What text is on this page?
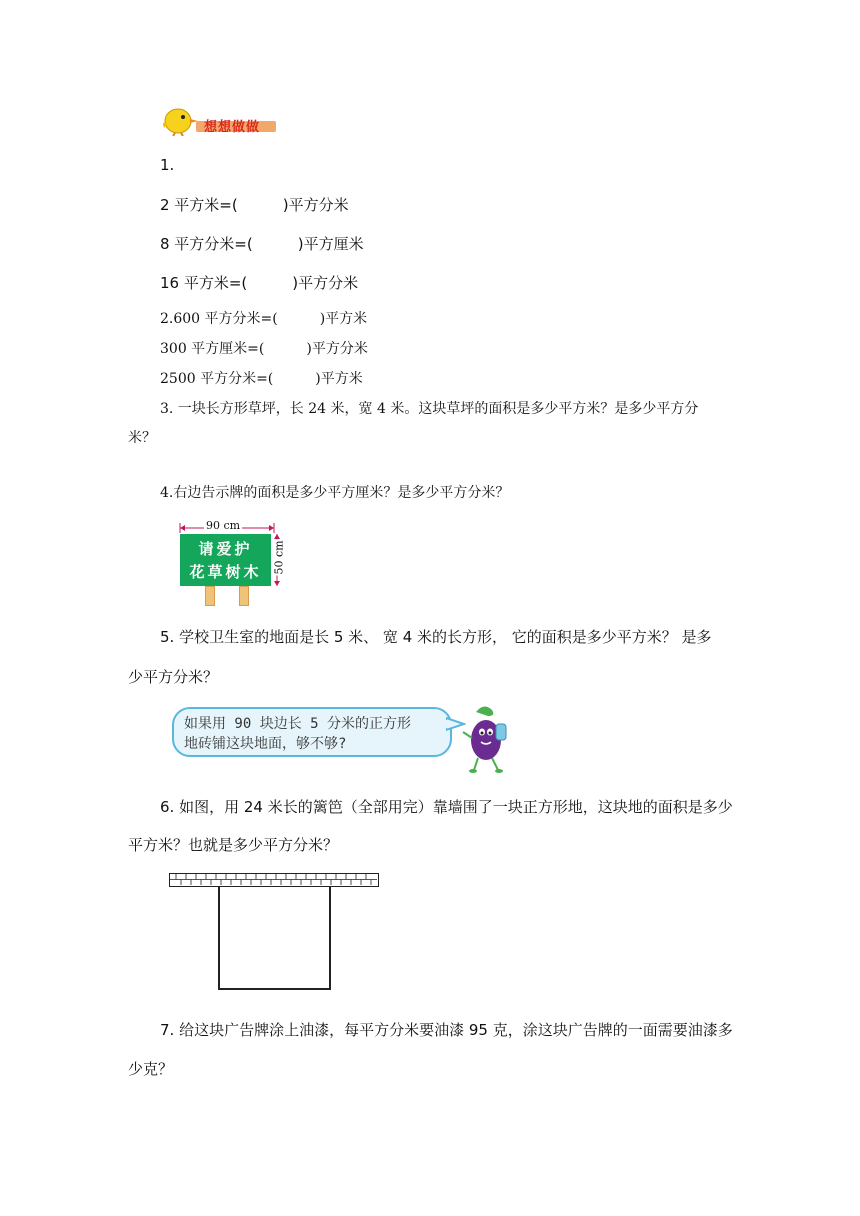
想想做做
1.
2 平方米=(　　　)平方分米
8 平方分米=(　　　)平方厘米
16 平方米=(　　　)平方分米
2.600 平方分米=(　　　)平方米
300 平方厘米=(　　　)平方分米
2500 平方分米=(　　　)平方米
3. 一块长方形草坪，长 24 米，宽 4 米。这块草坪的面积是多少平方米？是多少平方分
米？
4.右边告示牌的面积是多少平方厘米？是多少平方分米？
90 cm
请爱护
花草树木	50 cm
5. 学校卫生室的地面是长 5 米、 宽 4 米的长方形， 它的面积是多少平方米？ 是多
少平方分米？
如果用 90 块边长 5 分米的正方形
地砖铺这块地面，够不够?
6. 如图，用 24 米长的篱笆（全部用完）靠墙围了一块正方形地，这块地的面积是多少
平方米？也就是多少平方分米？
7. 给这块广告牌涂上油漆，每平方分米要油漆 95 克，涂这块广告牌的一面需要油漆多
少克？
